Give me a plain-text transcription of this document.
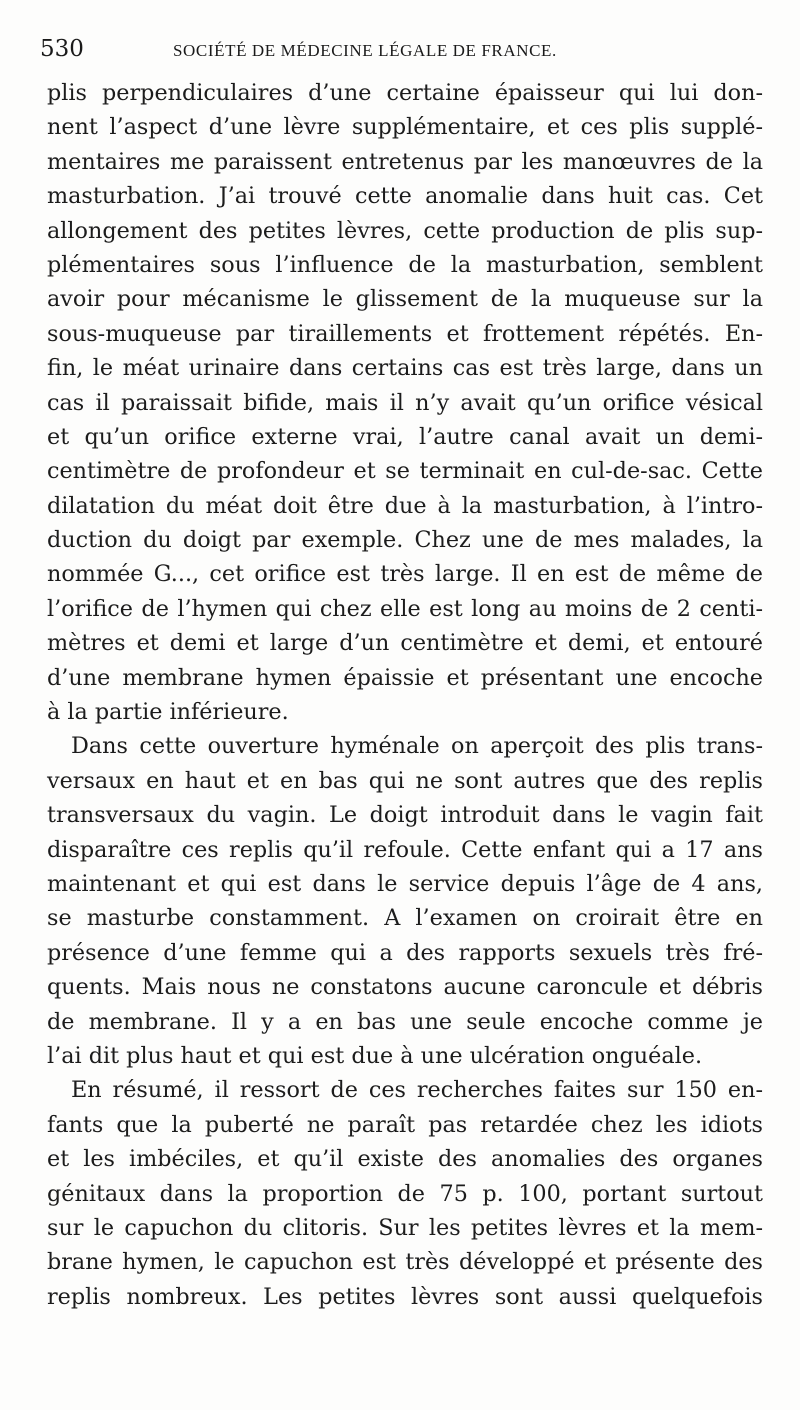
530	SOCIÉTÉ DE MÉDECINE LÉGALE DE FRANCE.
plis perpendiculaires d’une certaine épaisseur qui lui don-
nent l’aspect d’une lèvre supplémentaire, et ces plis supplé-
mentaires me paraissent entretenus par les manœuvres de la
masturbation. J’ai trouvé cette anomalie dans huit cas. Cet
allongement des petites lèvres, cette production de plis sup-
plémentaires sous l’influence de la masturbation, semblent
avoir pour mécanisme le glissement de la muqueuse sur la
sous-muqueuse par tiraillements et frottement répétés. En-
fin, le méat urinaire dans certains cas est très large, dans un
cas il paraissait bifide, mais il n’y avait qu’un orifice vésical
et qu’un orifice externe vrai, l’autre canal avait un demi-
centimètre de profondeur et se terminait en cul-de-sac. Cette
dilatation du méat doit être due à la masturbation, à l’intro-
duction du doigt par exemple. Chez une de mes malades, la
nommée G..., cet orifice est très large. Il en est de même de
l’orifice de l’hymen qui chez elle est long au moins de 2 centi-
mètres et demi et large d’un centimètre et demi, et entouré
d’une membrane hymen épaissie et présentant une encoche
à la partie inférieure.
Dans cette ouverture hyménale on aperçoit des plis trans-
versaux en haut et en bas qui ne sont autres que des replis
transversaux du vagin. Le doigt introduit dans le vagin fait
disparaître ces replis qu’il refoule. Cette enfant qui a 17 ans
maintenant et qui est dans le service depuis l’âge de 4 ans,
se masturbe constamment. A l’examen on croirait être en
présence d’une femme qui a des rapports sexuels très fré-
quents. Mais nous ne constatons aucune caroncule et débris
de membrane. Il y a en bas une seule encoche comme je
l’ai dit plus haut et qui est due à une ulcération onguéale.
En résumé, il ressort de ces recherches faites sur 150 en-
fants que la puberté ne paraît pas retardée chez les idiots
et les imbéciles, et qu’il existe des anomalies des organes
génitaux dans la proportion de 75 p. 100, portant surtout
sur le capuchon du clitoris. Sur les petites lèvres et la mem-
brane hymen, le capuchon est très développé et présente des
replis nombreux. Les petites lèvres sont aussi quelquefois
